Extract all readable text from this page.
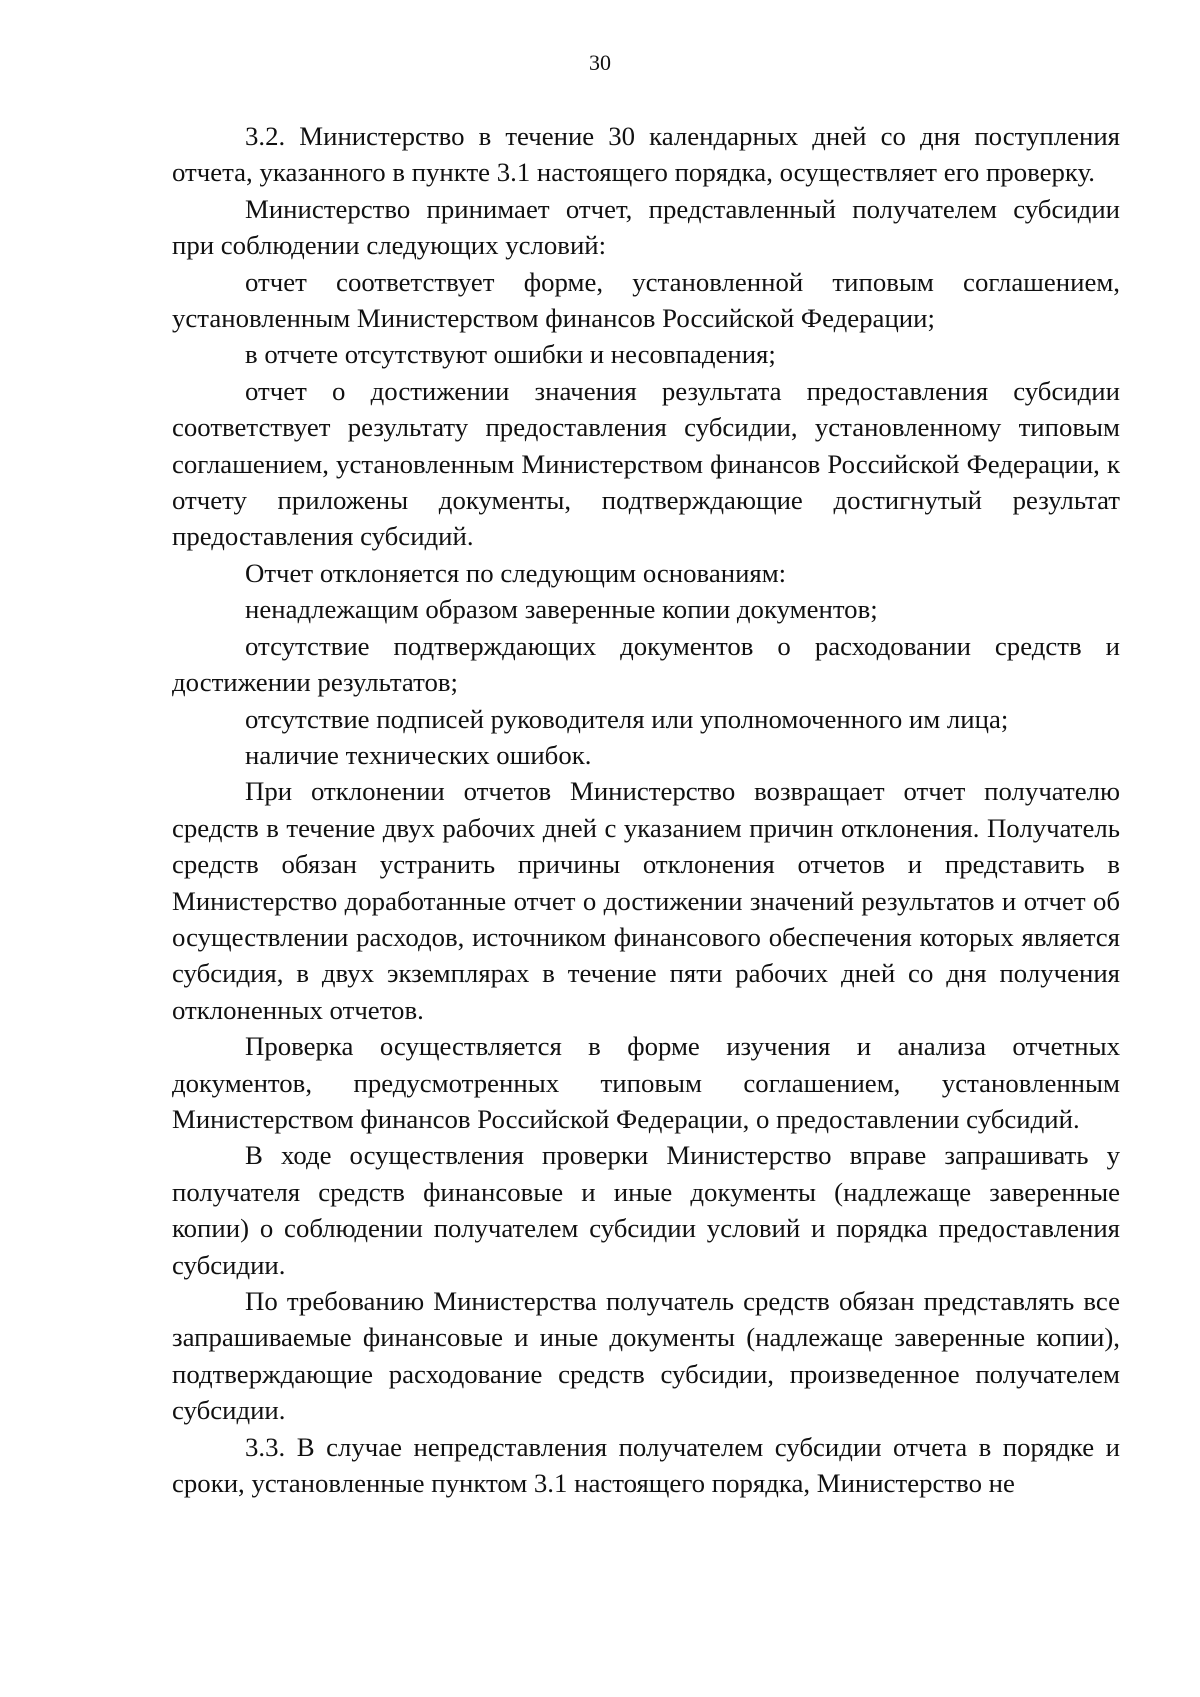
30

3.2. Министерство в течение 30 календарных дней со дня поступления отчета, указанного в пункте 3.1 настоящего порядка, осуществляет его проверку.

Министерство принимает отчет, представленный получателем субсидии при соблюдении следующих условий:

отчет соответствует форме, установленной типовым соглашением, установленным Министерством финансов Российской Федерации;

в отчете отсутствуют ошибки и несовпадения;

отчет о достижении значения результата предоставления субсидии соответствует результату предоставления субсидии, установленному типовым соглашением, установленным Министерством финансов Российской Федерации, к отчету приложены документы, подтверждающие достигнутый результат предоставления субсидий.

Отчет отклоняется по следующим основаниям:

ненадлежащим образом заверенные копии документов;

отсутствие подтверждающих документов о расходовании средств и достижении результатов;

отсутствие подписей руководителя или уполномоченного им лица;

наличие технических ошибок.

При отклонении отчетов Министерство возвращает отчет получателю средств в течение двух рабочих дней с указанием причин отклонения. Получатель средств обязан устранить причины отклонения отчетов и представить в Министерство доработанные отчет о достижении значений результатов и отчет об осуществлении расходов, источником финансового обеспечения которых является субсидия, в двух экземплярах в течение пяти рабочих дней со дня получения отклоненных отчетов.

Проверка осуществляется в форме изучения и анализа отчетных документов, предусмотренных типовым соглашением, установленным Министерством финансов Российской Федерации, о предоставлении субсидий.

В ходе осуществления проверки Министерство вправе запрашивать у получателя средств финансовые и иные документы (надлежаще заверенные копии) о соблюдении получателем субсидии условий и порядка предоставления субсидии.

По требованию Министерства получатель средств обязан представлять все запрашиваемые финансовые и иные документы (надлежаще заверенные копии), подтверждающие расходование средств субсидии, произведенное получателем субсидии.

3.3. В случае непредставления получателем субсидии отчета в порядке и сроки, установленные пунктом 3.1 настоящего порядка, Министерство не
